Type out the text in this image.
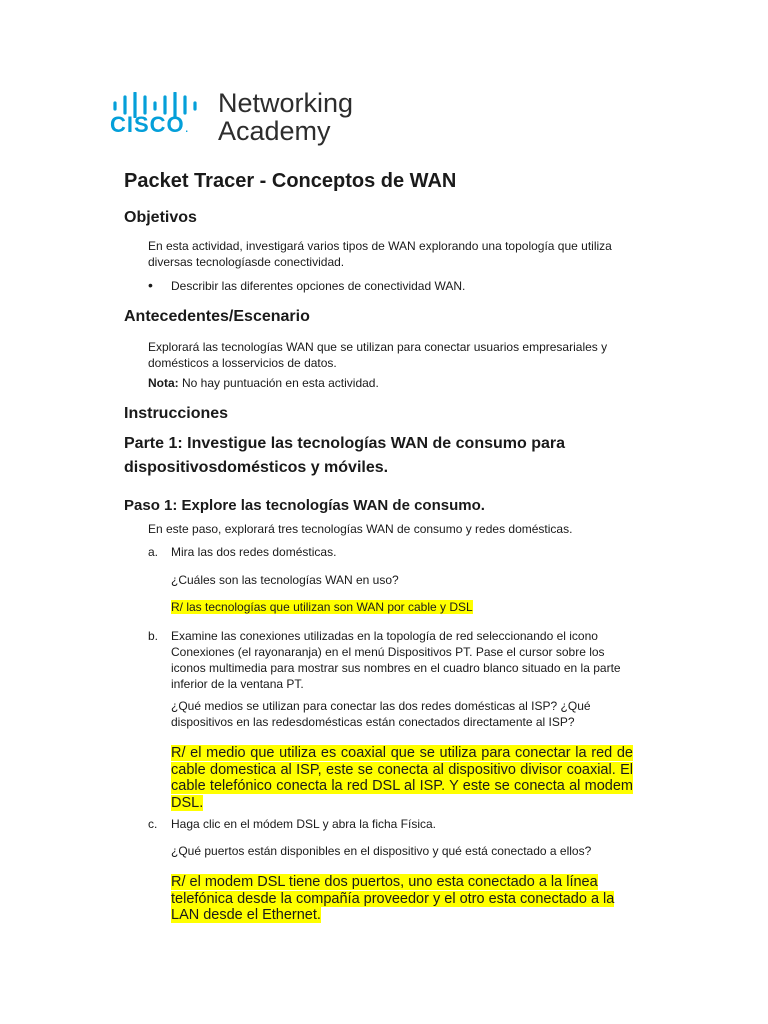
CISCO.
Networking
Academy
Packet Tracer - Conceptos de WAN
Objetivos

En esta actividad, investigará varios tipos de WAN explorando una topología que utiliza diversas tecnologíasde conectividad.

• Describir las diferentes opciones de conectividad WAN.

Antecedentes/Escenario

Explorará las tecnologías WAN que se utilizan para conectar usuarios empresariales y domésticos a losservicios de datos.

Nota: No hay puntuación en esta actividad.

Instrucciones
Parte 1: Investigue las tecnologías WAN de consumo para dispositivosdomésticos y móviles.
Paso 1: Explore las tecnologías WAN de consumo.

En este paso, explorará tres tecnologías WAN de consumo y redes domésticas.

a. Mira las dos redes domésticas.

¿Cuáles son las tecnologías WAN en uso?

R/ las tecnologías que utilizan son WAN por cable y DSL

b. Examine las conexiones utilizadas en la topología de red seleccionando el icono Conexiones (el rayonaranja) en el menú Dispositivos PT. Pase el cursor sobre los iconos multimedia para mostrar sus nombres en el cuadro blanco situado en la parte inferior de la ventana PT.

¿Qué medios se utilizan para conectar las dos redes domésticas al ISP? ¿Qué dispositivos en las redesdomésticas están conectados directamente al ISP?

R/ el medio que utiliza es coaxial que se utiliza para conectar la red de cable domestica al ISP, este se conecta al dispositivo divisor coaxial. El cable telefónico conecta la red DSL al ISP. Y este se conecta al modem DSL.

c. Haga clic en el módem DSL y abra la ficha Física.

¿Qué puertos están disponibles en el dispositivo y qué está conectado a ellos?

R/ el modem DSL tiene dos puertos, uno esta conectado a la línea telefónica desde la compañía proveedor y el otro esta conectado a la LAN desde el Ethernet.
